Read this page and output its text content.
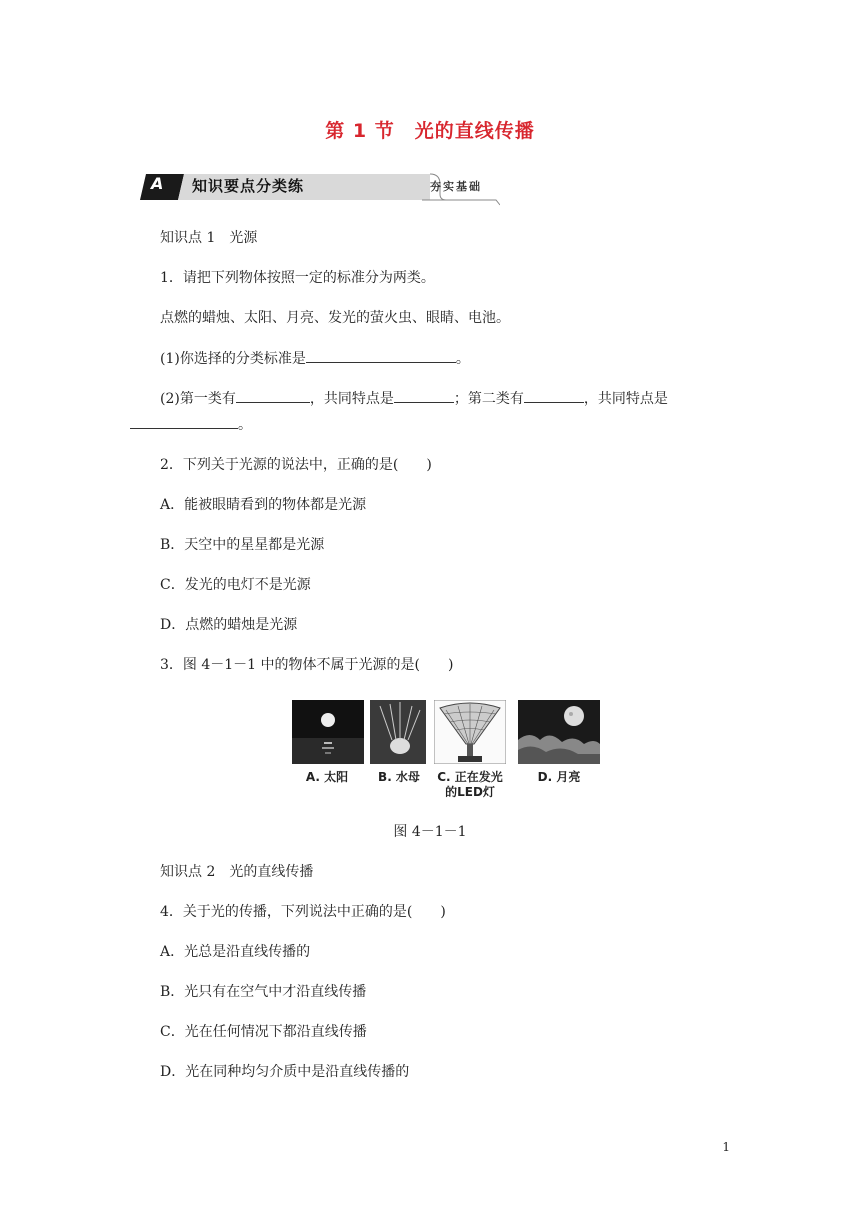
第 1 节　光的直线传播
A 知识要点分类练	夯实基础
知识点 1　光源
1．请把下列物体按照一定的标准分为两类。
点燃的蜡烛、太阳、月亮、发光的萤火虫、眼睛、电池。
(1)你选择的分类标准是	。
(2)第一类有	，共同特点是	；第二类有	，共同特点是
。
2．下列关于光源的说法中，正确的是(　　)
A．能被眼睛看到的物体都是光源
B．天空中的星星都是光源
C．发光的电灯不是光源
D．点燃的蜡烛是光源
3．图 4－1－1 中的物体不属于光源的是(　　)
A. 太阳	B. 水母	C. 正在发光
的LED灯
D. 月亮
图 4－1－1
知识点 2　光的直线传播
4．关于光的传播，下列说法中正确的是(　　)
A．光总是沿直线传播的
B．光只有在空气中才沿直线传播
C．光在任何情况下都沿直线传播
D．光在同种均匀介质中是沿直线传播的
1
